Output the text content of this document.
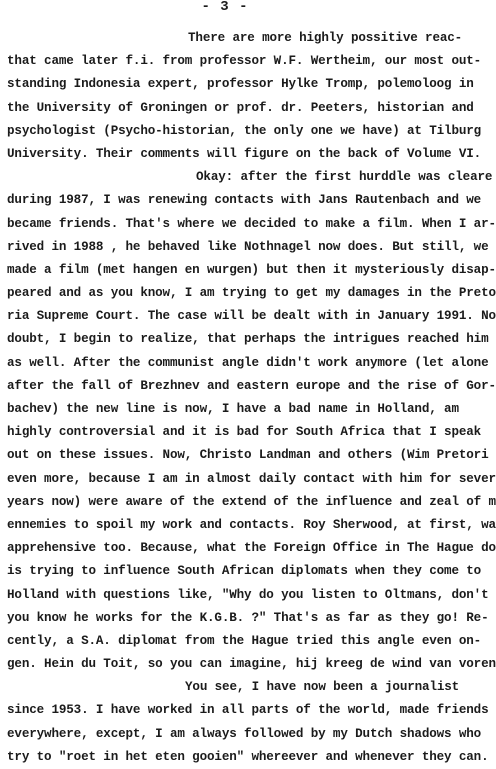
- 3 -
There are more highly possitive reac-
that came later f.i. from professor W.F. Wertheim, our most out-
standing Indonesia expert, professor Hylke Tromp, polemoloog in
the University of Groningen or prof. dr. Peeters, historian and
psychologist (Psycho-historian, the only one we have) at Tilburg
University. Their comments will figure on the back of Volume VI.
Okay: after the first hurddle was cleare
during 1987, I was renewing contacts with Jans Rautenbach and we
became friends. That's where we decided to make a film. When I ar-
rived in 1988 , he behaved like Nothnagel now does. But still, we
made a film (met hangen en wurgen) but then it mysteriously disap-
peared and as you know, I am trying to get my damages in the Preto
ria Supreme Court. The case will be dealt with in January 1991. No
doubt, I begin to realize, that perhaps the intrigues reached him
as well. After the communist angle didn't work anymore (let alone
after the fall of Brezhnev and eastern europe and the rise of Gor-
bachev) the new line is now, I have a bad name in Holland, am
highly controversial and it is bad for South Africa that I speak
out on these issues. Now, Christo Landman and others (Wim Pretori
even more, because I am in almost daily contact with him for sever
years now) were aware of the extend of the influence and zeal of m
ennemies to spoil my work and contacts. Roy Sherwood, at first, wa
apprehensive too. Because, what the Foreign Office in The Hague do
is trying to influence South African diplomats when they come to
Holland with questions like, "Why do you listen to Oltmans, don't
you know he works for the K.G.B. ?" That's as far as they go! Re-
cently, a S.A. diplomat from the Hague tried this angle even on-
gen. Hein du Toit, so you can imagine, hij kreeg de wind van voren
You see, I have now been a journalist
since 1953. I have worked in all parts of the world, made friends
everywhere, except, I am always followed by my Dutch shadows who
try to "roet in het eten gooien" whereever and whenever they can.
